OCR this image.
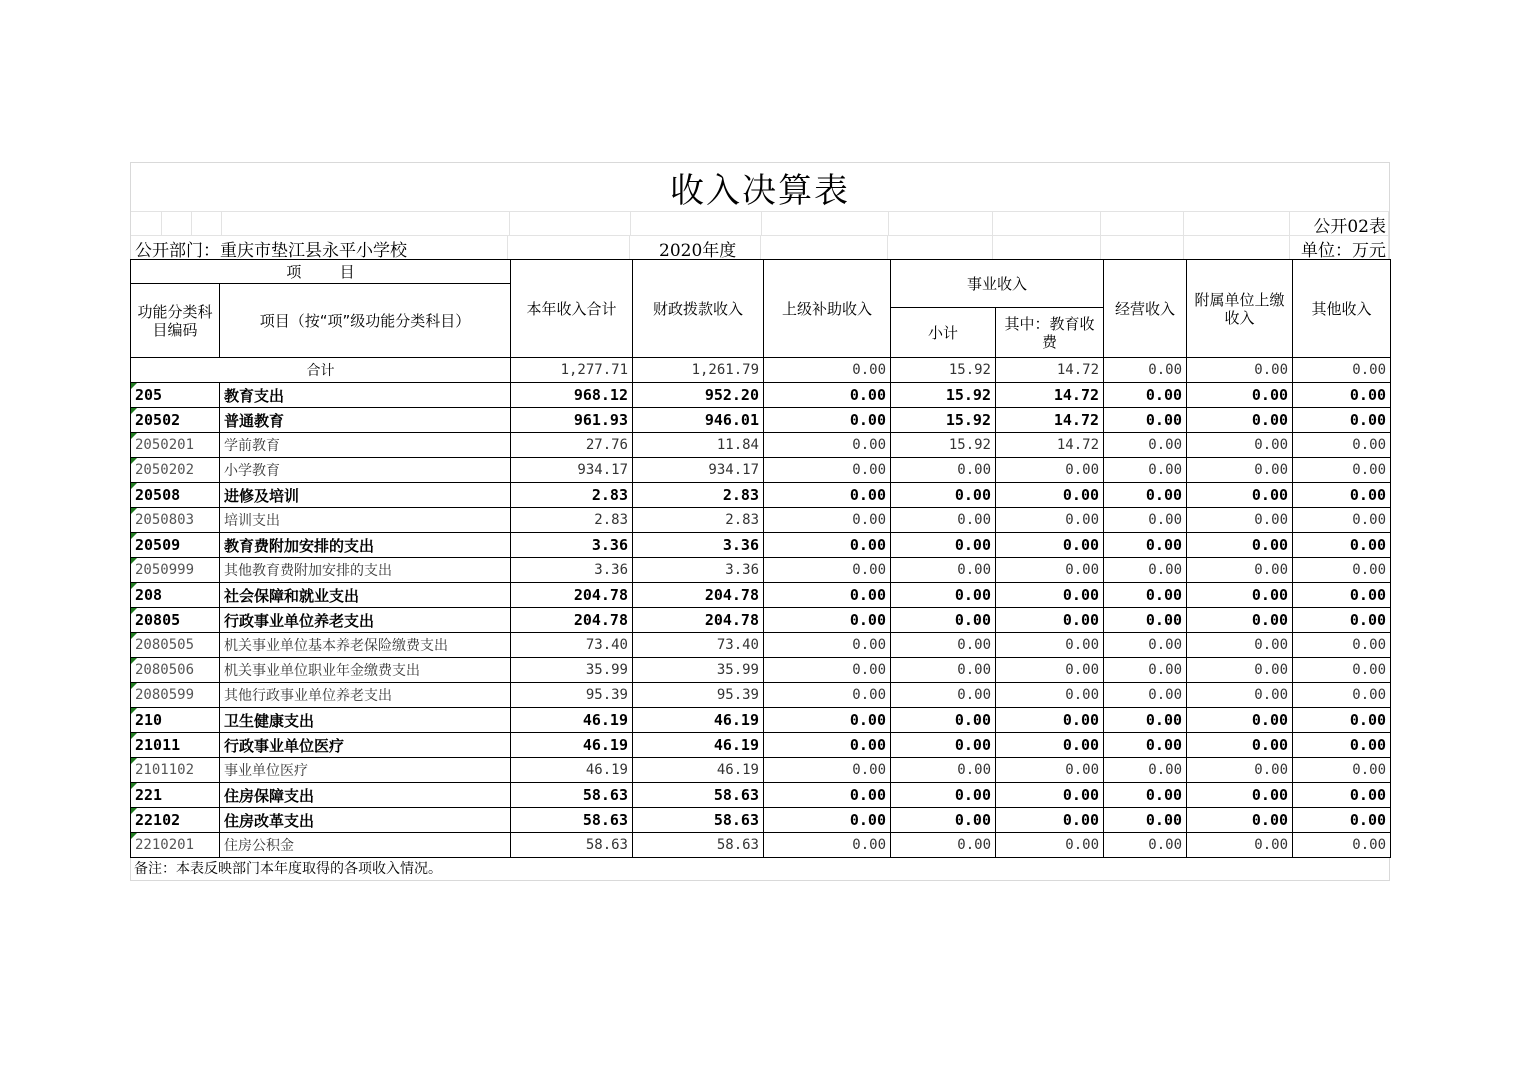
收入决算表
公开02表
公开部门：重庆市垫江县永平小学校	2020年度	单位：万元
项        目		本年收入合计	财政拨款收入	上级补助收入	事业收入		经营收入	附属单位上缴收入	其他收入
功能分类科目编码	项目（按“项”级功能分类科目）								
					小计	其中：教育收费			
合计		1,277.71	1,261.79	0.00	15.92	14.72	0.00	0.00	0.00
205	教育支出	968.12	952.20	0.00	15.92	14.72	0.00	0.00	0.00
20502	普通教育	961.93	946.01	0.00	15.92	14.72	0.00	0.00	0.00
2050201	学前教育	27.76	11.84	0.00	15.92	14.72	0.00	0.00	0.00
2050202	小学教育	934.17	934.17	0.00	0.00	0.00	0.00	0.00	0.00
20508	进修及培训	2.83	2.83	0.00	0.00	0.00	0.00	0.00	0.00
2050803	培训支出	2.83	2.83	0.00	0.00	0.00	0.00	0.00	0.00
20509	教育费附加安排的支出	3.36	3.36	0.00	0.00	0.00	0.00	0.00	0.00
2050999	其他教育费附加安排的支出	3.36	3.36	0.00	0.00	0.00	0.00	0.00	0.00
208	社会保障和就业支出	204.78	204.78	0.00	0.00	0.00	0.00	0.00	0.00
20805	行政事业单位养老支出	204.78	204.78	0.00	0.00	0.00	0.00	0.00	0.00
2080505	机关事业单位基本养老保险缴费支出	73.40	73.40	0.00	0.00	0.00	0.00	0.00	0.00
2080506	机关事业单位职业年金缴费支出	35.99	35.99	0.00	0.00	0.00	0.00	0.00	0.00
2080599	其他行政事业单位养老支出	95.39	95.39	0.00	0.00	0.00	0.00	0.00	0.00
210	卫生健康支出	46.19	46.19	0.00	0.00	0.00	0.00	0.00	0.00
21011	行政事业单位医疗	46.19	46.19	0.00	0.00	0.00	0.00	0.00	0.00
2101102	事业单位医疗	46.19	46.19	0.00	0.00	0.00	0.00	0.00	0.00
221	住房保障支出	58.63	58.63	0.00	0.00	0.00	0.00	0.00	0.00
22102	住房改革支出	58.63	58.63	0.00	0.00	0.00	0.00	0.00	0.00
2210201	住房公积金	58.63	58.63	0.00	0.00	0.00	0.00	0.00	0.00
备注：本表反映部门本年度取得的各项收入情况。
